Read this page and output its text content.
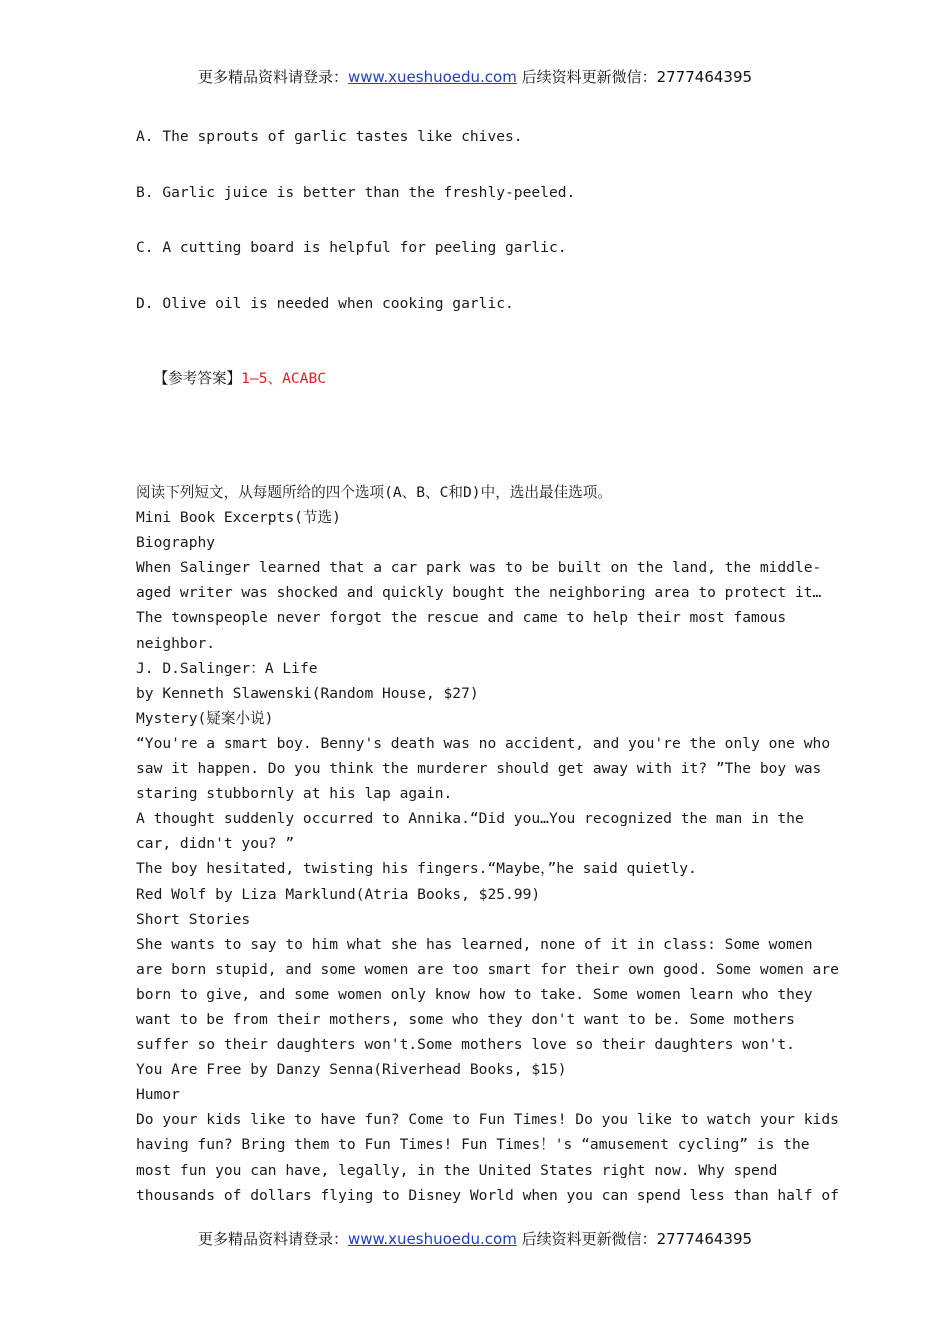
更多精品资料请登录：www.xueshuoedu.com 后续资料更新微信：2777464395
A. The sprouts of garlic tastes like chives.
B. Garlic juice is better than the freshly-peeled.
C. A cutting board is helpful for peeling garlic.
D. Olive oil is needed when cooking garlic.

【参考答案】1—5、ACABC

阅读下列短文，从每题所给的四个选项(A、B、C和D)中，选出最佳选项。
Mini Book Excerpts(节选)
Biography
When Salinger learned that a car park was to be built on the land, the middle-
aged writer was shocked and quickly bought the neighboring area to protect it…
The townspeople never forgot the rescue and came to help their most famous
neighbor.
J. D.Salinger：A Life
by Kenneth Slawenski(Random House, $27)
Mystery(疑案小说)
“You're a smart boy. Benny's death was no accident, and you're the only one who
saw it happen. Do you think the murderer should get away with it? ”The boy was
staring stubbornly at his lap again.
A thought suddenly occurred to Annika.“Did you…You recognized the man in the
car, didn't you? ”
The boy hesitated, twisting his fingers.“Maybe，”he said quietly.
Red Wolf by Liza Marklund(Atria Books, $25.99)
Short Stories
She wants to say to him what she has learned, none of it in class: Some women
are born stupid, and some women are too smart for their own good. Some women are
born to give, and some women only know how to take. Some women learn who they
want to be from their mothers, some who they don't want to be. Some mothers
suffer so their daughters won't.Some mothers love so their daughters won't.
You Are Free by Danzy Senna(Riverhead Books, $15)
Humor
Do your kids like to have fun? Come to Fun Times! Do you like to watch your kids
having fun? Bring them to Fun Times! Fun Times！'s “amusement cycling” is the
most fun you can have, legally, in the United States right now. Why spend
thousands of dollars flying to Disney World when you can spend less than half of
更多精品资料请登录：www.xueshuoedu.com 后续资料更新微信：2777464395
